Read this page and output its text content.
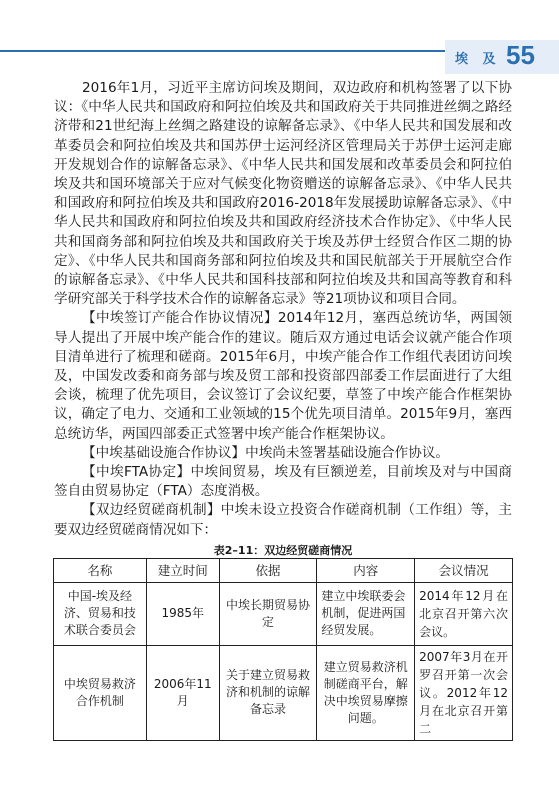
埃 及 55

2016年1月，习近平主席访问埃及期间，双边政府和机构签署了以下协议：《中华人民共和国政府和阿拉伯埃及共和国政府关于共同推进丝绸之路经济带和21世纪海上丝绸之路建设的谅解备忘录》、《中华人民共和国发展和改革委员会和阿拉伯埃及共和国苏伊士运河经济区管理局关于苏伊士运河走廊开发规划合作的谅解备忘录》、《中华人民共和国发展和改革委员会和阿拉伯埃及共和国环境部关于应对气候变化物资赠送的谅解备忘录》、《中华人民共和国政府和阿拉伯埃及共和国政府2016-2018年发展援助谅解备忘录》、《中华人民共和国政府和阿拉伯埃及共和国政府经济技术合作协定》、《中华人民共和国商务部和阿拉伯埃及共和国政府关于埃及苏伊士经贸合作区二期的协定》、《中华人民共和国商务部和阿拉伯埃及共和国民航部关于开展航空合作的谅解备忘录》、《中华人民共和国科技部和阿拉伯埃及共和国高等教育和科学研究部关于科学技术合作的谅解备忘录》等21项协议和项目合同。

【中埃签订产能合作协议情况】2014年12月，塞西总统访华，两国领导人提出了开展中埃产能合作的建议。随后双方通过电话会议就产能合作项目清单进行了梳理和磋商。2015年6月，中埃产能合作工作组代表团访问埃及，中国发改委和商务部与埃及贸工部和投资部四部委工作层面进行了大组会谈，梳理了优先项目，会议签订了会议纪要，草签了中埃产能合作框架协议，确定了电力、交通和工业领域的15个优先项目清单。2015年9月，塞西总统访华，两国四部委正式签署中埃产能合作框架协议。

【中埃基础设施合作协议】中埃尚未签署基础设施合作协议。

【中埃FTA协定】中埃间贸易，埃及有巨额逆差，目前埃及对与中国商签自由贸易协定（FTA）态度消极。

【双边经贸磋商机制】中埃未设立投资合作磋商机制（工作组）等，主要双边经贸磋商情况如下：

表2–11：双边经贸磋商情况
名称	建立时间	依据	内容	会议情况
中国-埃及经济、贸易和技术联合委员会	1985年	中埃长期贸易协定	建立中埃联委会机制，促进两国经贸发展。	2014年12月在北京召开第六次会议。
中埃贸易救济合作机制	2006年11月	关于建立贸易救济和机制的谅解备忘录	建立贸易救济机制磋商平台，解决中埃贸易摩擦问题。	2007年3月在开罗召开第一次会议。2012年12月在北京召开第二
